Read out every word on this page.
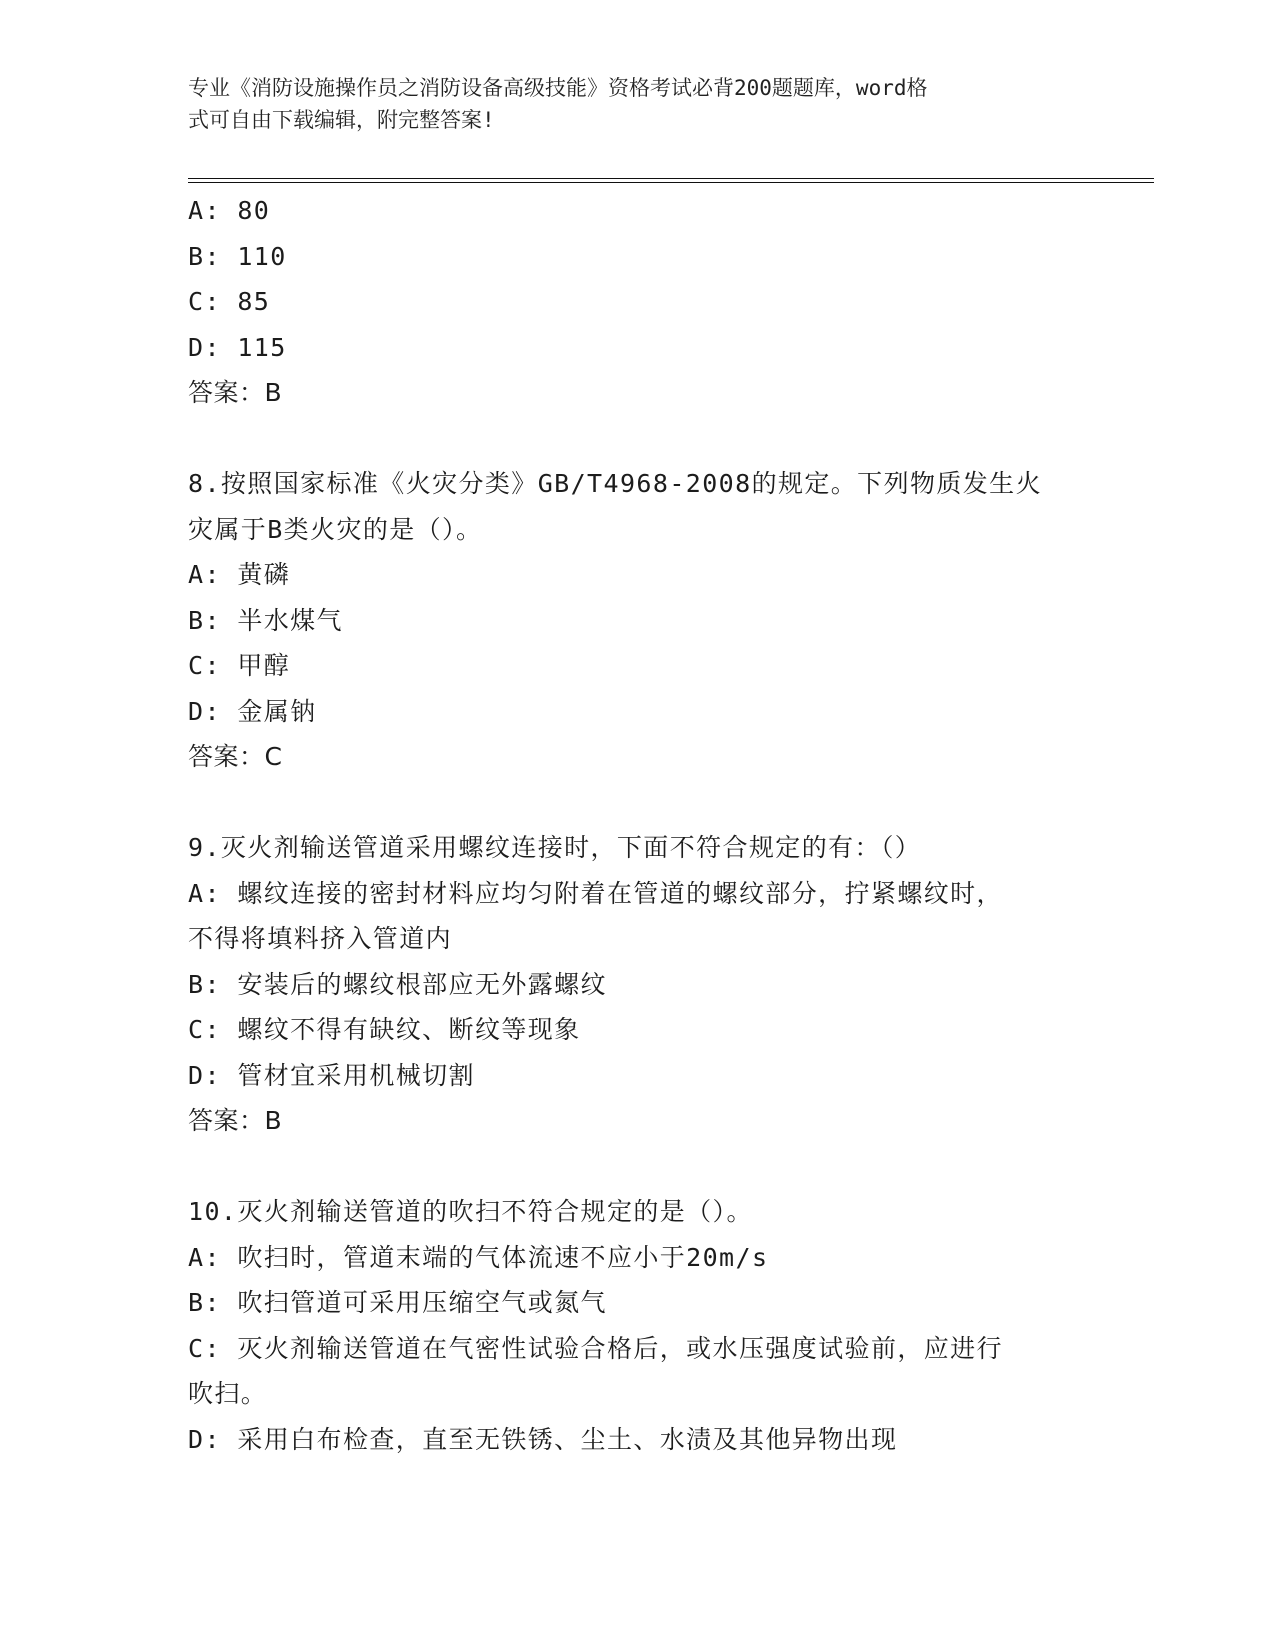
专业《消防设施操作员之消防设备高级技能》资格考试必背200题题库，word格
式可自由下载编辑，附完整答案!
A: 80
B: 110
C: 85
D: 115
答案：B
8.按照国家标准《火灾分类》GB/T4968-2008的规定。下列物质发生火
灾属于B类火灾的是（）。
A: 黄磷
B: 半水煤气
C: 甲醇
D: 金属钠
答案：C
9.灭火剂输送管道采用螺纹连接时，下面不符合规定的有：（）
A: 螺纹连接的密封材料应均匀附着在管道的螺纹部分，拧紧螺纹时，
不得将填料挤入管道内
B: 安装后的螺纹根部应无外露螺纹
C: 螺纹不得有缺纹、断纹等现象
D: 管材宜采用机械切割
答案：B
10.灭火剂输送管道的吹扫不符合规定的是（）。
A: 吹扫时，管道末端的气体流速不应小于20m/s
B: 吹扫管道可采用压缩空气或氮气
C: 灭火剂输送管道在气密性试验合格后，或水压强度试验前，应进行
吹扫。
D: 采用白布检查，直至无铁锈、尘土、水渍及其他异物出现
